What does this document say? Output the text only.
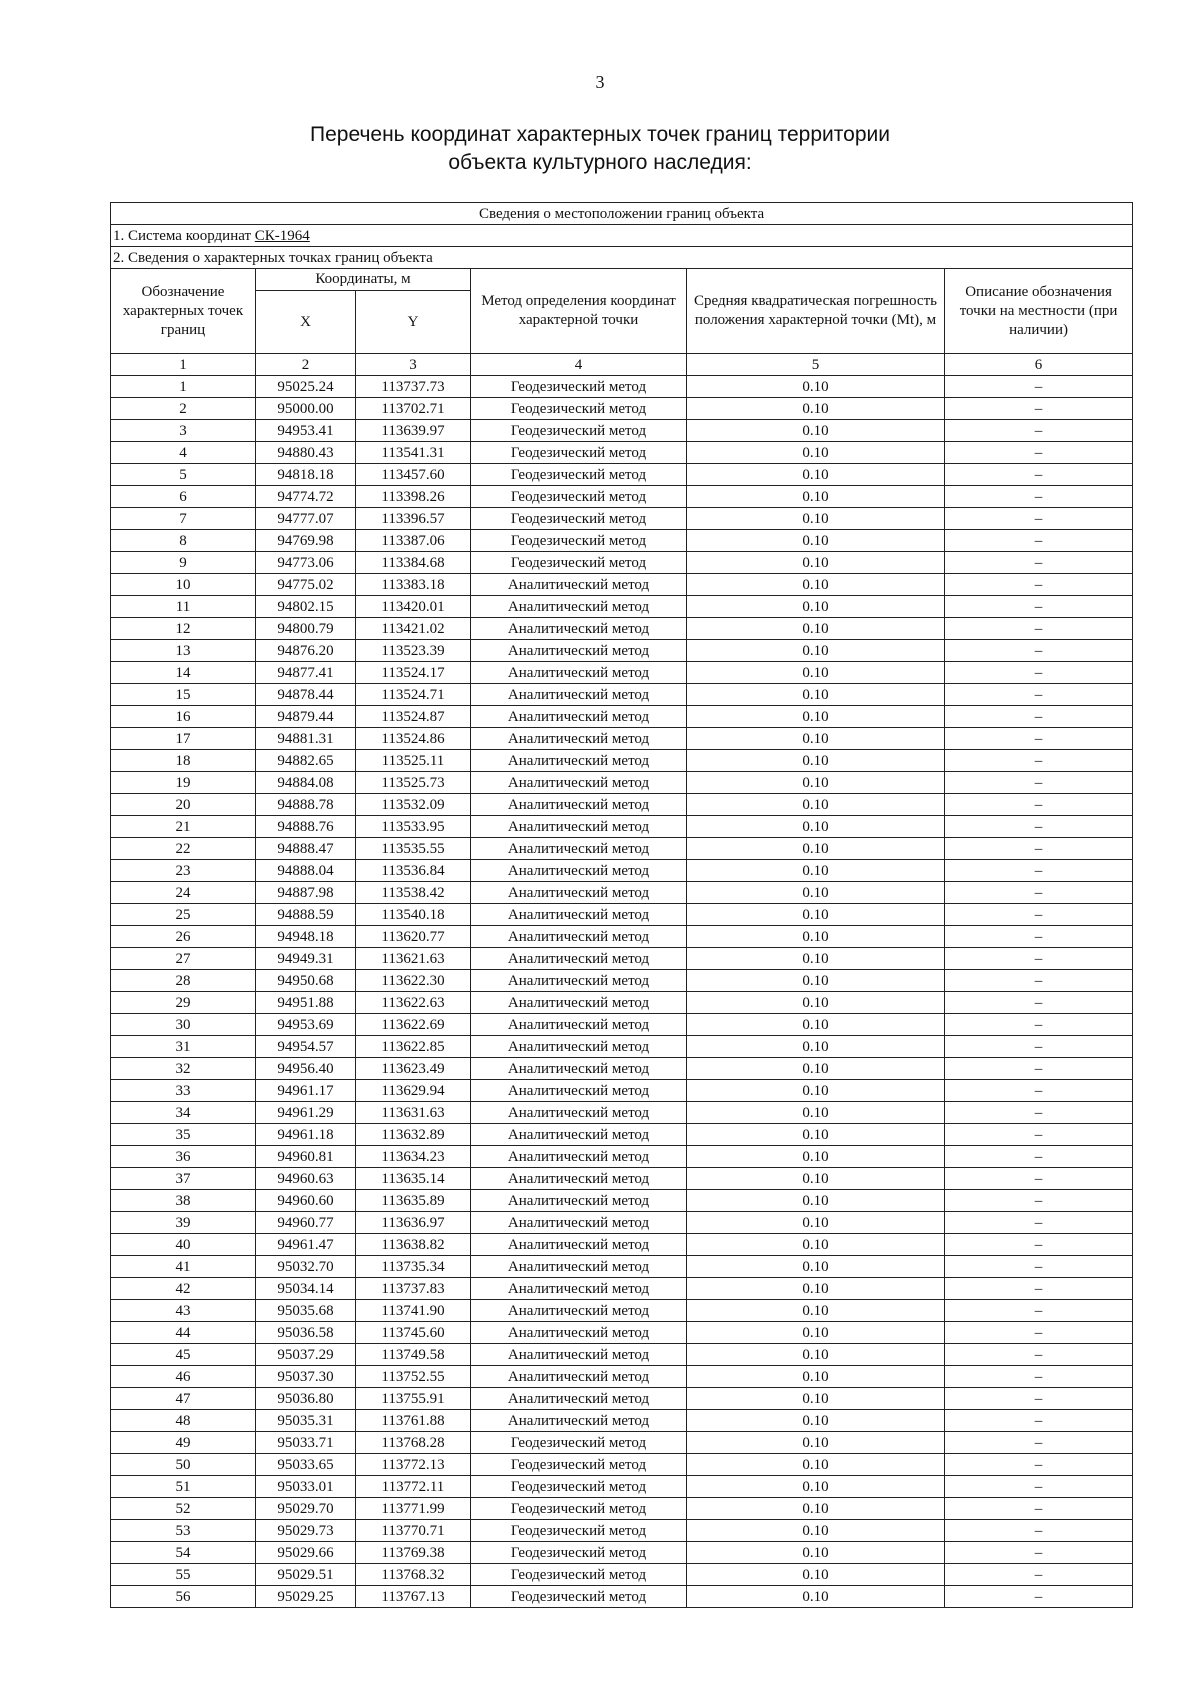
3
Перечень координат характерных точек границ территории
объекта культурного наследия:
Сведения о местоположении границ объекта					
1. Система координат СК-1964					
2. Сведения о характерных точках границ объекта					
Обозначение характерных точек границ	Координаты, м		Метод определения координат характерной точки	Средняя квадратическая погрешность положения характерной точки (Mt), м	Описание обозначения точки на местности (при наличии)
	X	Y			
1	2	3	4	5	6
1	95025.24	113737.73	Геодезический метод	0.10	–
2	95000.00	113702.71	Геодезический метод	0.10	–
3	94953.41	113639.97	Геодезический метод	0.10	–
4	94880.43	113541.31	Геодезический метод	0.10	–
5	94818.18	113457.60	Геодезический метод	0.10	–
6	94774.72	113398.26	Геодезический метод	0.10	–
7	94777.07	113396.57	Геодезический метод	0.10	–
8	94769.98	113387.06	Геодезический метод	0.10	–
9	94773.06	113384.68	Геодезический метод	0.10	–
10	94775.02	113383.18	Аналитический метод	0.10	–
11	94802.15	113420.01	Аналитический метод	0.10	–
12	94800.79	113421.02	Аналитический метод	0.10	–
13	94876.20	113523.39	Аналитический метод	0.10	–
14	94877.41	113524.17	Аналитический метод	0.10	–
15	94878.44	113524.71	Аналитический метод	0.10	–
16	94879.44	113524.87	Аналитический метод	0.10	–
17	94881.31	113524.86	Аналитический метод	0.10	–
18	94882.65	113525.11	Аналитический метод	0.10	–
19	94884.08	113525.73	Аналитический метод	0.10	–
20	94888.78	113532.09	Аналитический метод	0.10	–
21	94888.76	113533.95	Аналитический метод	0.10	–
22	94888.47	113535.55	Аналитический метод	0.10	–
23	94888.04	113536.84	Аналитический метод	0.10	–
24	94887.98	113538.42	Аналитический метод	0.10	–
25	94888.59	113540.18	Аналитический метод	0.10	–
26	94948.18	113620.77	Аналитический метод	0.10	–
27	94949.31	113621.63	Аналитический метод	0.10	–
28	94950.68	113622.30	Аналитический метод	0.10	–
29	94951.88	113622.63	Аналитический метод	0.10	–
30	94953.69	113622.69	Аналитический метод	0.10	–
31	94954.57	113622.85	Аналитический метод	0.10	–
32	94956.40	113623.49	Аналитический метод	0.10	–
33	94961.17	113629.94	Аналитический метод	0.10	–
34	94961.29	113631.63	Аналитический метод	0.10	–
35	94961.18	113632.89	Аналитический метод	0.10	–
36	94960.81	113634.23	Аналитический метод	0.10	–
37	94960.63	113635.14	Аналитический метод	0.10	–
38	94960.60	113635.89	Аналитический метод	0.10	–
39	94960.77	113636.97	Аналитический метод	0.10	–
40	94961.47	113638.82	Аналитический метод	0.10	–
41	95032.70	113735.34	Аналитический метод	0.10	–
42	95034.14	113737.83	Аналитический метод	0.10	–
43	95035.68	113741.90	Аналитический метод	0.10	–
44	95036.58	113745.60	Аналитический метод	0.10	–
45	95037.29	113749.58	Аналитический метод	0.10	–
46	95037.30	113752.55	Аналитический метод	0.10	–
47	95036.80	113755.91	Аналитический метод	0.10	–
48	95035.31	113761.88	Аналитический метод	0.10	–
49	95033.71	113768.28	Геодезический метод	0.10	–
50	95033.65	113772.13	Геодезический метод	0.10	–
51	95033.01	113772.11	Геодезический метод	0.10	–
52	95029.70	113771.99	Геодезический метод	0.10	–
53	95029.73	113770.71	Геодезический метод	0.10	–
54	95029.66	113769.38	Геодезический метод	0.10	–
55	95029.51	113768.32	Геодезический метод	0.10	–
56	95029.25	113767.13	Геодезический метод	0.10	–
